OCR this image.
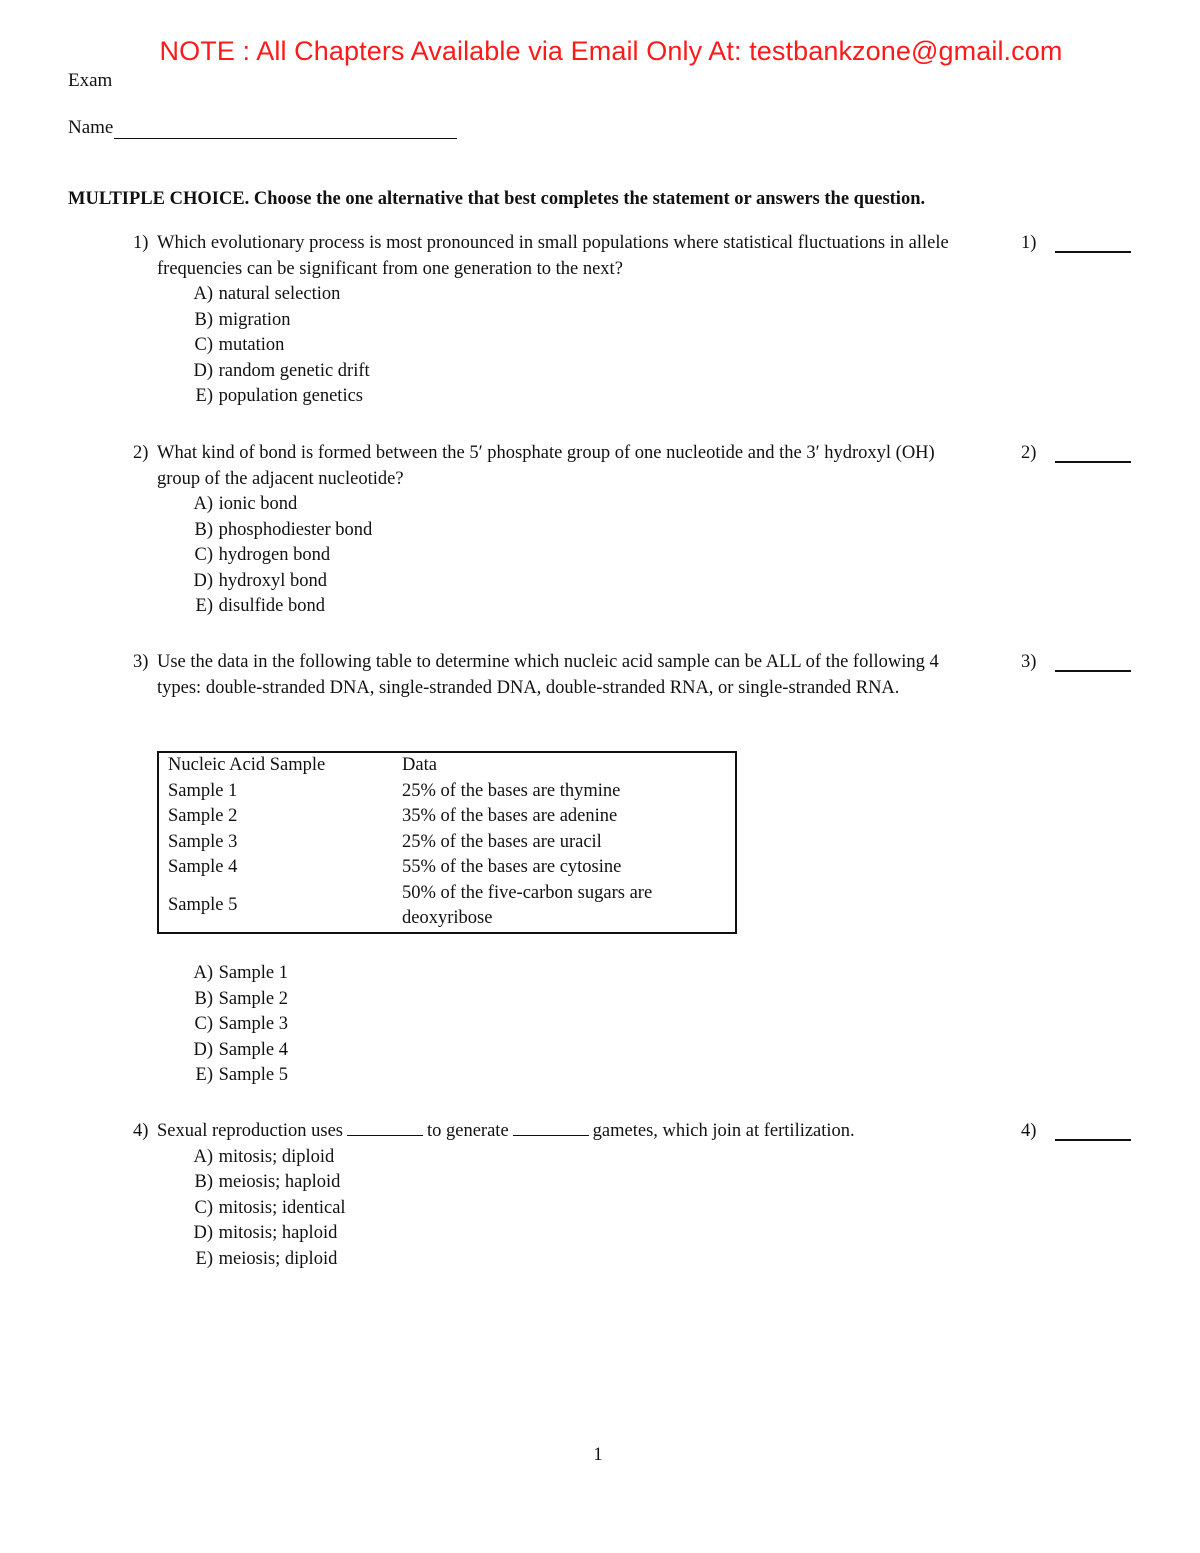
NOTE : All Chapters Available via Email Only At: testbankzone@gmail.com
Exam
Name
MULTIPLE CHOICE. Choose the one alternative that best completes the statement or answers the question.
1) Which evolutionary process is most pronounced in small populations where statistical fluctuations in allele frequencies can be significant from one generation to the next?
1)
A)
natural selection
B)
migration
C)
mutation
D)
random genetic drift
E)
population genetics
2) What kind of bond is formed between the 5′ phosphate group of one nucleotide and the 3′ hydroxyl (OH) group of the adjacent nucleotide?
2)
A)
ionic bond
B)
phosphodiester bond
C)
hydrogen bond
D)
hydroxyl bond
E)
disulfide bond
3) Use the data in the following table to determine which nucleic acid sample can be ALL of the following 4 types: double-stranded DNA, single-stranded DNA, double-stranded RNA, or single-stranded RNA.
3)
Nucleic Acid Sample	Data
Sample 1	25% of the bases are thymine
Sample 2	35% of the bases are adenine
Sample 3	25% of the bases are uracil
Sample 4	55% of the bases are cytosine
Sample 5	50% of the five-carbon sugars are deoxyribose
A)
Sample 1
B)
Sample 2
C)
Sample 3
D)
Sample 4
E)
Sample 5
4) Sexual reproduction uses	to generate	gametes, which join at fertilization.	4)
A)
mitosis; diploid
B)
meiosis; haploid
C)
mitosis; identical
D)
mitosis; haploid
E)
meiosis; diploid
1
